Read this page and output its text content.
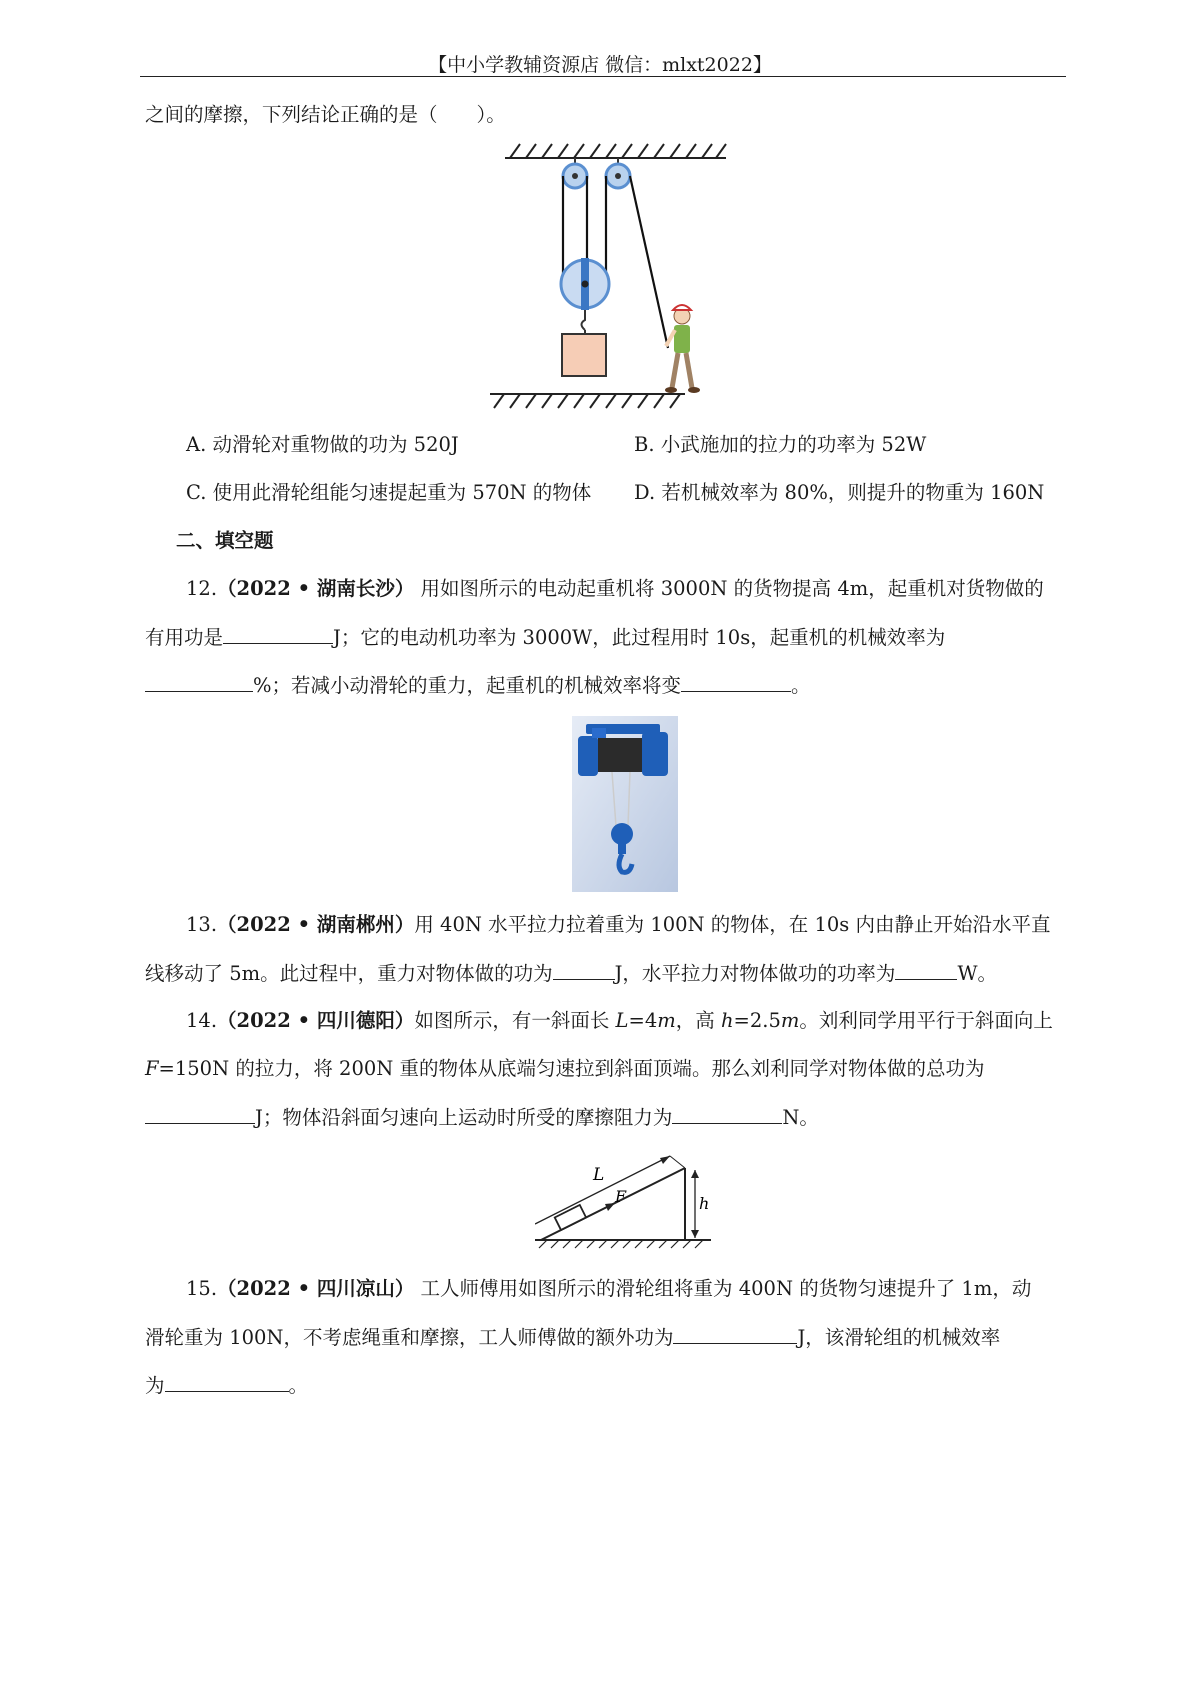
【中小学教辅资源店 微信：mlxt2022】
之间的摩擦，下列结论正确的是（　　）。
A. 动滑轮对重物做的功为 520J	B. 小武施加的拉力的功率为 52W
C. 使用此滑轮组能匀速提起重为 570N 的物体 D. 若机械效率为 80%，则提升的物重为 160N
二、填空题
12.（2022 • 湖南长沙） 用如图所示的电动起重机将 3000N 的货物提高 4m，起重机对货物做的
有用功是	J；它的电动机功率为 3000W，此过程用时 10s，起重机的机械效率为
%；若减小动滑轮的重力，起重机的机械效率将变	。
13.（2022 • 湖南郴州）用 40N 水平拉力拉着重为 100N 的物体，在 10s 内由静止开始沿水平直
线移动了 5m。此过程中，重力对物体做的功为	J，水平拉力对物体做功的功率为	W。
14.（2022 • 四川德阳）如图所示，有一斜面长 L=4m，高 h=2.5m。刘利同学用平行于斜面向上
F=150N 的拉力，将 200N 重的物体从底端匀速拉到斜面顶端。那么刘利同学对物体做的总功为
J；物体沿斜面匀速向上运动时所受的摩擦阻力为	N。
L
F	h
15.（2022 • 四川凉山） 工人师傅用如图所示的滑轮组将重为 400N 的货物匀速提升了 1m，动
滑轮重为 100N，不考虑绳重和摩擦，工人师傅做的额外功为	J，该滑轮组的机械效率
为	。
